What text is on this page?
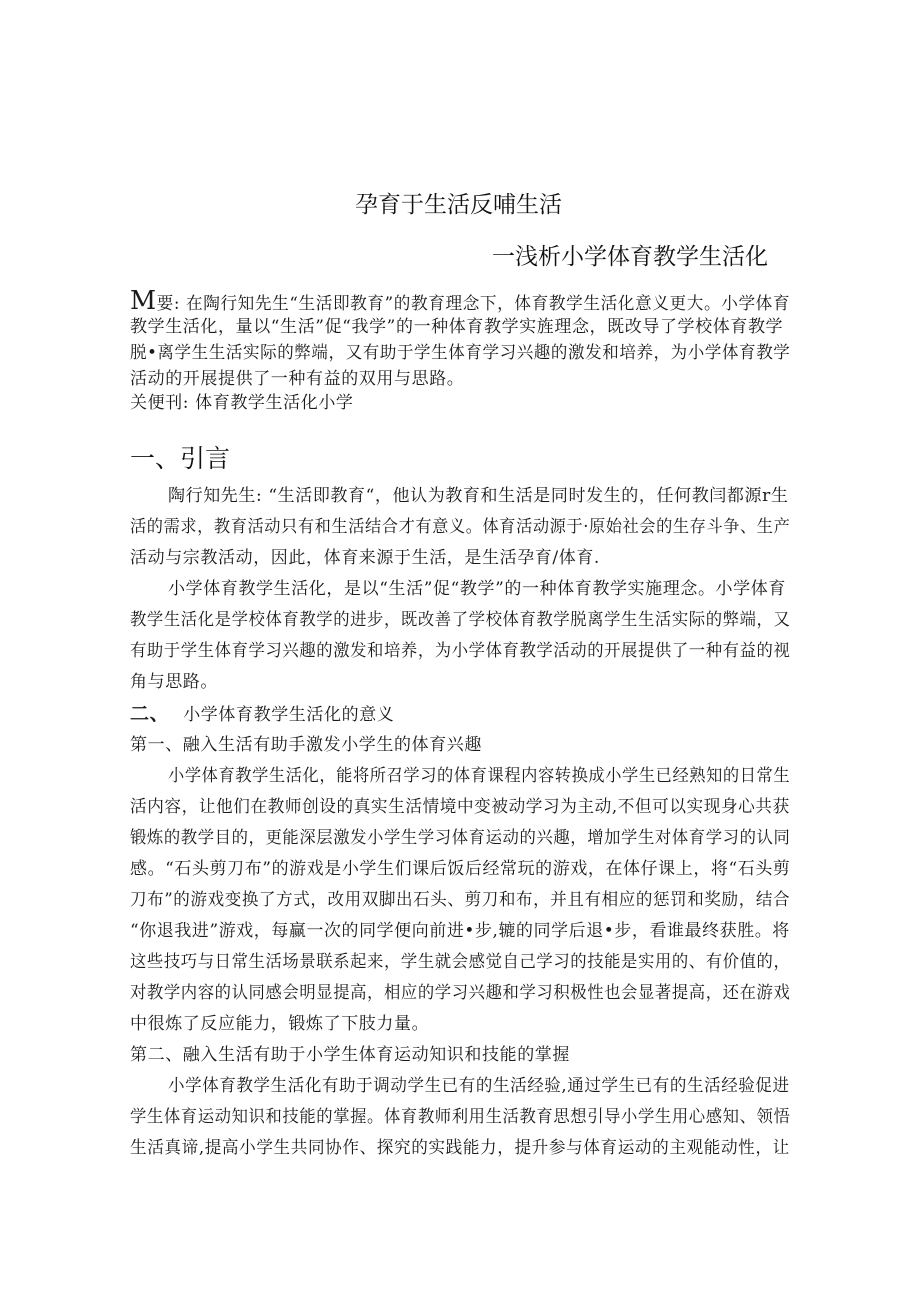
孕育于生活反哺生活
一浅析小学体育教学生活化
M要: 在陶行知先生“生活即教育”的教育理念下，体育教学生活化意义更大。小学体育
教学生活化，量以“生活”促“我学”的一种体育教学实旌理念，既改导了学校体育教学
脱•离学生生活实际的弊端，又有助于学生体育学习兴趣的激发和培养，为小学体育教学
活动的开展提供了一种有益的双用与思路。
关便刊: 体育教学生活化小学
一、引言
陶行知先生: “生活即教育“，他认为教育和生活是同时发生的，任何教闫都源r生
活的需求，教育活动只有和生活结合才有意义。体育活动源于·原始社会的生存斗争、生产
活动与宗教活动，因此，体育来源于生活，是生活孕育/体育.
小学体育教学生活化，是以“生活”促“教学”的一种体育教学实施理念。小学体育
教学生活化是学校体育教学的进步，既改善了学校体育教学脱离学生生活实际的弊端，又
有助于学生体育学习兴趣的激发和培养，为小学体育教学活动的开展提供了一种有益的视
角与思路。
二、 小学体育教学生活化的意义
第一、融入生活有助手激发小学生的体育兴趣
小学体育教学生活化，能将所召学习的体育课程内容转换成小学生已经熟知的日常生
活内容，让他们在教师创设的真实生活情境中变被动学习为主动,不但可以实现身心共获
锻炼的教学目的，更能深层激发小学生学习体育运动的兴趣，增加学生对体育学习的认同
感。“石头剪刀布”的游戏是小学生们课后饭后经常玩的游戏，在体仔课上，将“石头剪
刀布”的游戏变换了方式，改用双脚出石头、剪刀和布，并且有相应的惩罚和奖励，结合
“你退我进”游戏，每赢一次的同学便向前进•步,辘的同学后退•步，看谁最终获胜。将
这些技巧与日常生活场景联系起来，学生就会感觉自己学习的技能是实用的、有价值的，
对教学内容的认同感会明显提高，相应的学习兴趣和学习积极性也会显著提高，还在游戏
中很炼了反应能力，锻炼了下肢力量。
第二、融入生活有助于小学生体育运动知识和技能的掌握
小学体育教学生活化有助于调动学生已有的生活经验,通过学生已有的生活经验促进
学生体育运动知识和技能的掌握。体育教师利用生活教育思想引导小学生用心感知、领悟
生活真谛,提高小学生共同协作、探究的实践能力，提升参与体育运动的主观能动性，让
